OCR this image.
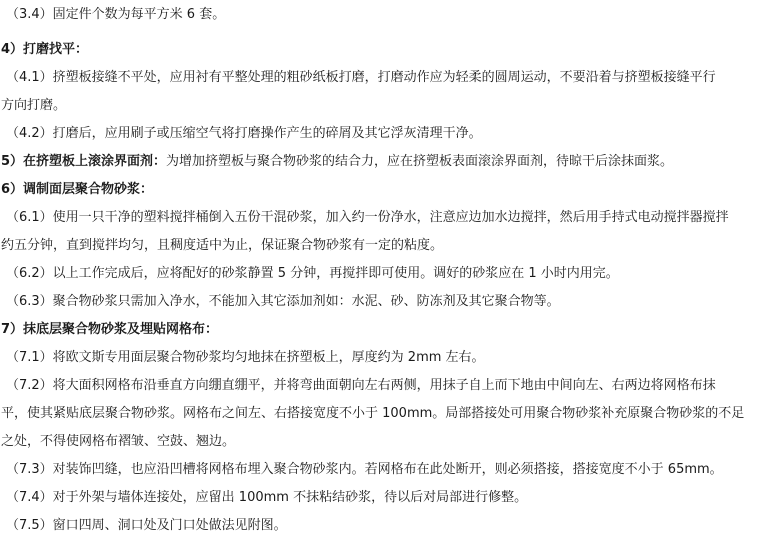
（3.4）固定件个数为每平方米 6 套。
4）打磨找平：
（4.1）挤塑板接缝不平处，应用衬有平整处理的粗砂纸板打磨，打磨动作应为轻柔的圆周运动，不要沿着与挤塑板接缝平行
方向打磨。
（4.2）打磨后，应用刷子或压缩空气将打磨操作产生的碎屑及其它浮灰清理干净。
5）在挤塑板上滚涂界面剂：为增加挤塑板与聚合物砂浆的结合力，应在挤塑板表面滚涂界面剂，待晾干后涂抹面浆。
6）调制面层聚合物砂浆：
（6.1）使用一只干净的塑料搅拌桶倒入五份干混砂浆，加入约一份净水，注意应边加水边搅拌，然后用手持式电动搅拌器搅拌
约五分钟，直到搅拌均匀，且稠度适中为止，保证聚合物砂浆有一定的粘度。
（6.2）以上工作完成后，应将配好的砂浆静置 5 分钟，再搅拌即可使用。调好的砂浆应在 1 小时内用完。
（6.3）聚合物砂浆只需加入净水，不能加入其它添加剂如：水泥、砂、防冻剂及其它聚合物等。
7）抹底层聚合物砂浆及埋贴网格布：
（7.1）将欧文斯专用面层聚合物砂浆均匀地抹在挤塑板上，厚度约为 2mm 左右。
（7.2）将大面积网格布沿垂直方向绷直绷平，并将弯曲面朝向左右两侧，用抹子自上而下地由中间向左、右两边将网格布抹
平，使其紧贴底层聚合物砂浆。网格布之间左、右搭接宽度不小于 100mm。局部搭接处可用聚合物砂浆补充原聚合物砂浆的不足
之处，不得使网格布褶皱、空鼓、翘边。
（7.3）对装饰凹缝，也应沿凹槽将网格布埋入聚合物砂浆内。若网格布在此处断开，则必须搭接，搭接宽度不小于 65mm。
（7.4）对于外架与墙体连接处，应留出 100mm 不抹粘结砂浆，待以后对局部进行修整。
（7.5）窗口四周、洞口处及门口处做法见附图。
